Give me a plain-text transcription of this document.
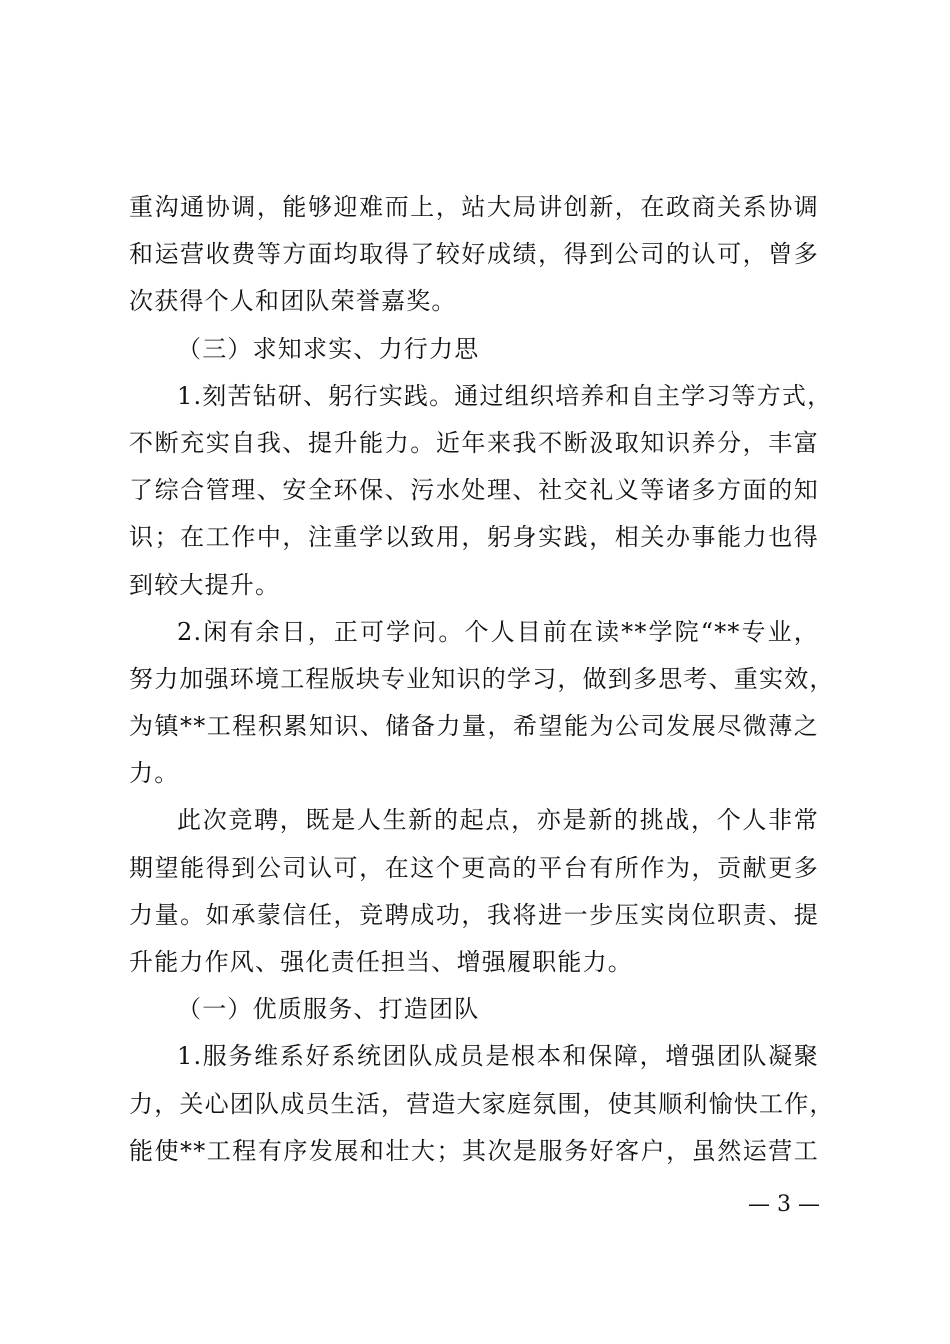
重沟通协调，能够迎难而上，站大局讲创新，在政商关系协调
和运营收费等方面均取得了较好成绩，得到公司的认可，曾多
次获得个人和团队荣誉嘉奖。
（三）求知求实、力行力思
1.刻苦钻研、躬行实践。通过组织培养和自主学习等方式，
不断充实自我、提升能力。近年来我不断汲取知识养分，丰富
了综合管理、安全环保、污水处理、社交礼义等诸多方面的知
识；在工作中，注重学以致用，躬身实践，相关办事能力也得
到较大提升。
2.闲有余日，正可学问。个人目前在读**学院“**专业，
努力加强环境工程版块专业知识的学习，做到多思考、重实效，
为镇**工程积累知识、储备力量，希望能为公司发展尽微薄之
力。
此次竞聘，既是人生新的起点，亦是新的挑战，个人非常
期望能得到公司认可，在这个更高的平台有所作为，贡献更多
力量。如承蒙信任，竞聘成功，我将进一步压实岗位职责、提
升能力作风、强化责任担当、增强履职能力。
（一）优质服务、打造团队
1.服务维系好系统团队成员是根本和保障，增强团队凝聚
力，关心团队成员生活，营造大家庭氛围，使其顺利愉快工作，
能使**工程有序发展和壮大；其次是服务好客户，虽然运营工
— 3 —
